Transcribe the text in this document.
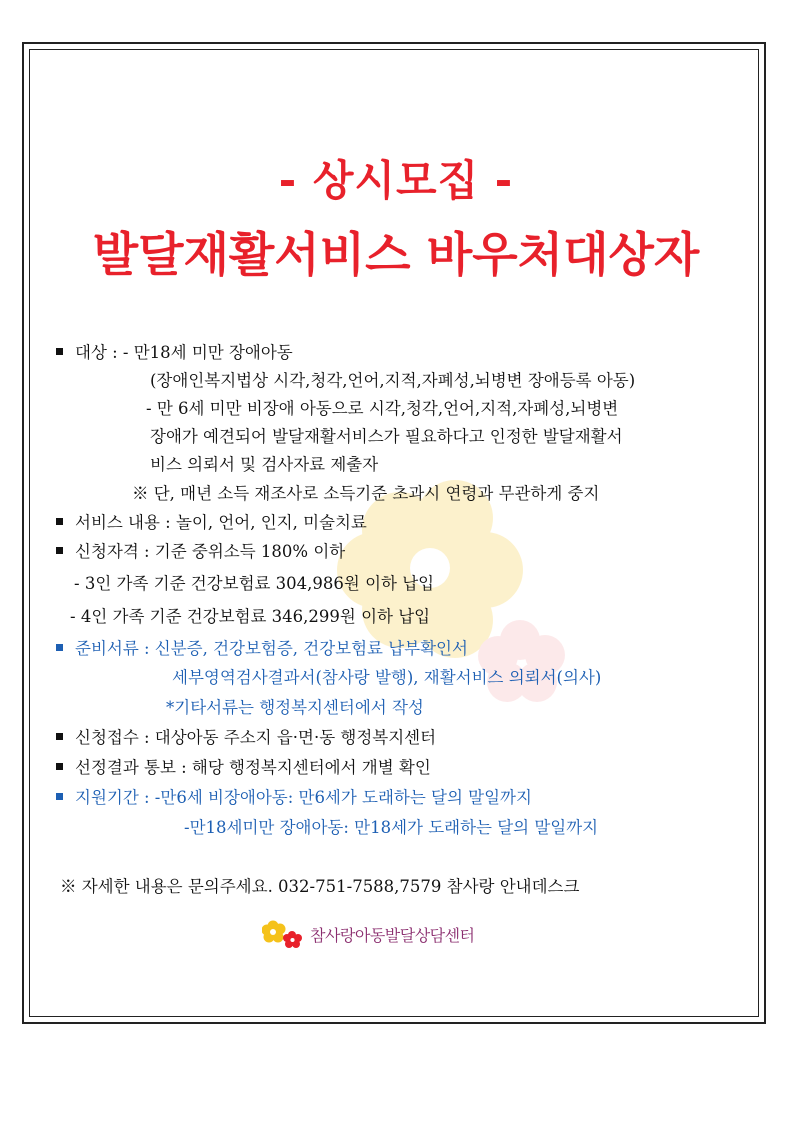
- 상시모집 -
발달재활서비스 바우처대상자
대상 : - 만18세 미만 장애아동
(장애인복지법상 시각,청각,언어,지적,자폐성,뇌병변 장애등록 아동)
- 만 6세 미만 비장애 아동으로 시각,청각,언어,지적,자폐성,뇌병변
장애가 예견되어 발달재활서비스가 필요하다고 인정한 발달재활서
비스 의뢰서 및 검사자료 제출자
※ 단, 매년 소득 재조사로 소득기준 초과시 연령과 무관하게 중지
서비스 내용 : 놀이, 언어, 인지, 미술치료
신청자격 : 기준 중위소득 180% 이하
- 3인 가족 기준 건강보험료 304,986원 이하 납입
- 4인 가족 기준 건강보험료 346,299원 이하 납입
준비서류 : 신분증, 건강보험증, 건강보험료 납부확인서
세부영역검사결과서(참사랑 발행), 재활서비스 의뢰서(의사)
*기타서류는 행정복지센터에서 작성
신청접수 : 대상아동 주소지 읍·면·동 행정복지센터
선정결과 통보 : 해당 행정복지센터에서 개별 확인
지원기간 : -만6세 비장애아동: 만6세가 도래하는 달의 말일까지
-만18세미만 장애아동: 만18세가 도래하는 달의 말일까지
※ 자세한 내용은 문의주세요. 032-751-7588,7579 참사랑 안내데스크
참사랑아동발달상담센터
